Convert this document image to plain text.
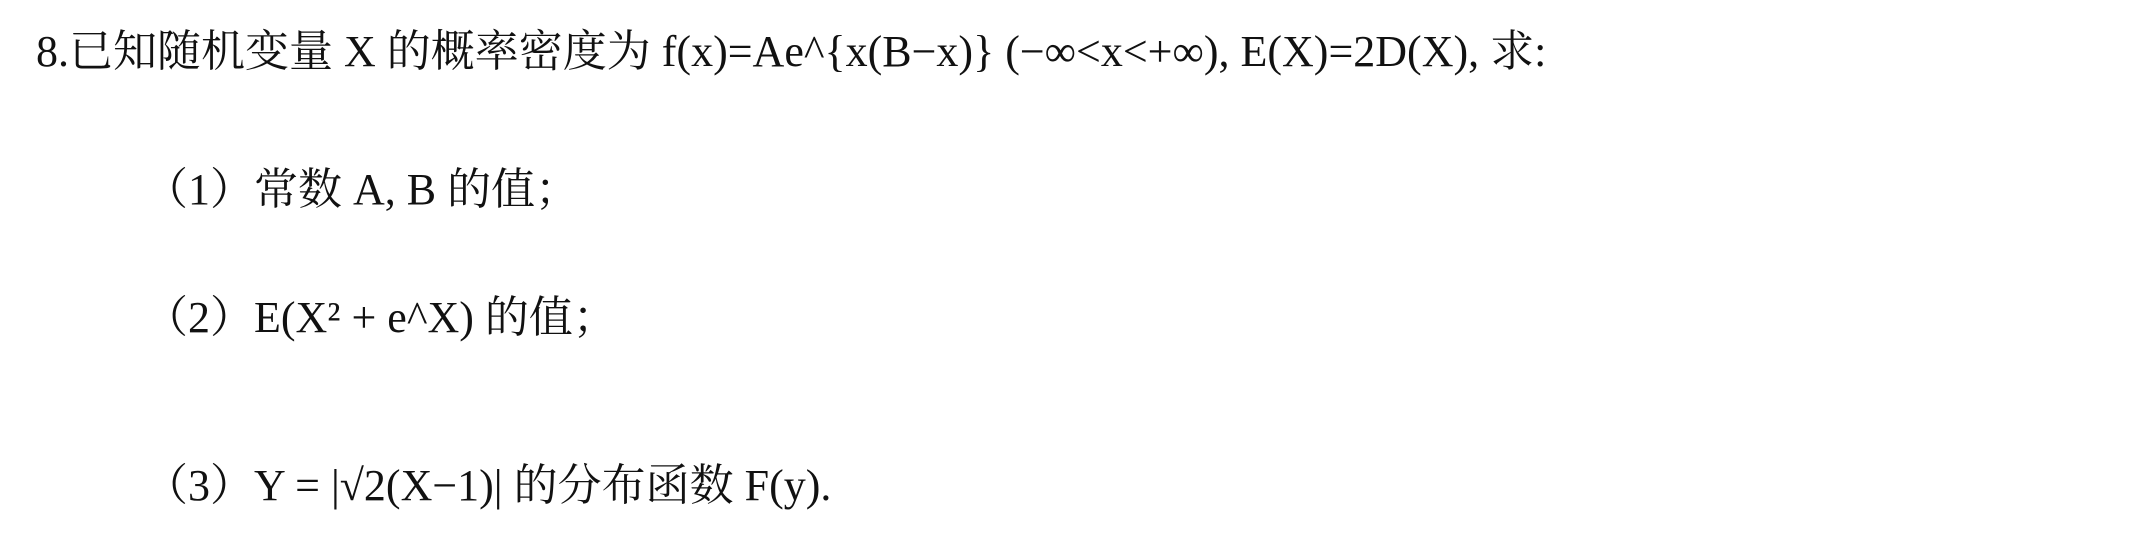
8.已知随机变量 X 的概率密度为 f(x)=Ae^{x(B−x)} (−∞<x<+∞), E(X)=2D(X), 求:
（1）常数 A, B 的值；
（2）E(X² + e^X) 的值；
（3）Y = |√2(X−1)| 的分布函数 F(y).
